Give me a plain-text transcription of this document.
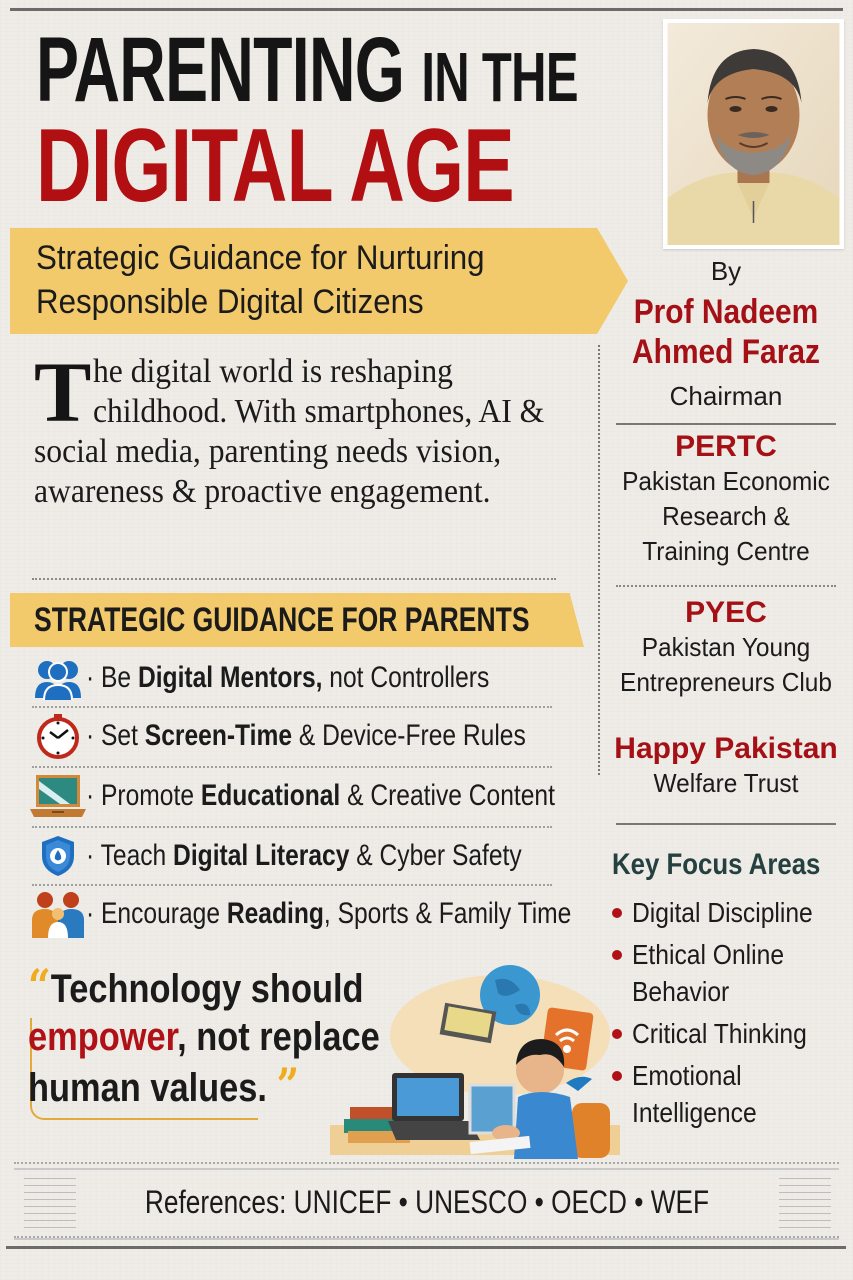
PARENTING IN THE
DIGITAL AGE
Strategic Guidance for Nurturing
Responsible Digital Citizens
By
Prof Nadeem
Ahmed Faraz
Chairman
PERTC
Pakistan Economic
Research &
Training Centre
PYEC
Pakistan Young
Entrepreneurs Club
Happy Pakistan
Welfare Trust
T he digital world is reshaping childhood. With smartphones, AI & social media, parenting needs vision, awareness & proactive engagement.
STRATEGIC GUIDANCE FOR PARENTS
· Be Digital Mentors, not Controllers
· Set Screen-Time & Device-Free Rules
· Promote Educational & Creative Content
· Teach Digital Literacy & Cyber Safety
· Encourage Reading, Sports & Family Time
Key Focus Areas
Digital Discipline
Ethical Online Behavior
Critical Thinking
Emotional Intelligence
“Technology should
empower, not replace
human values. ”
References: UNICEF • UNESCO • OECD • WEF
